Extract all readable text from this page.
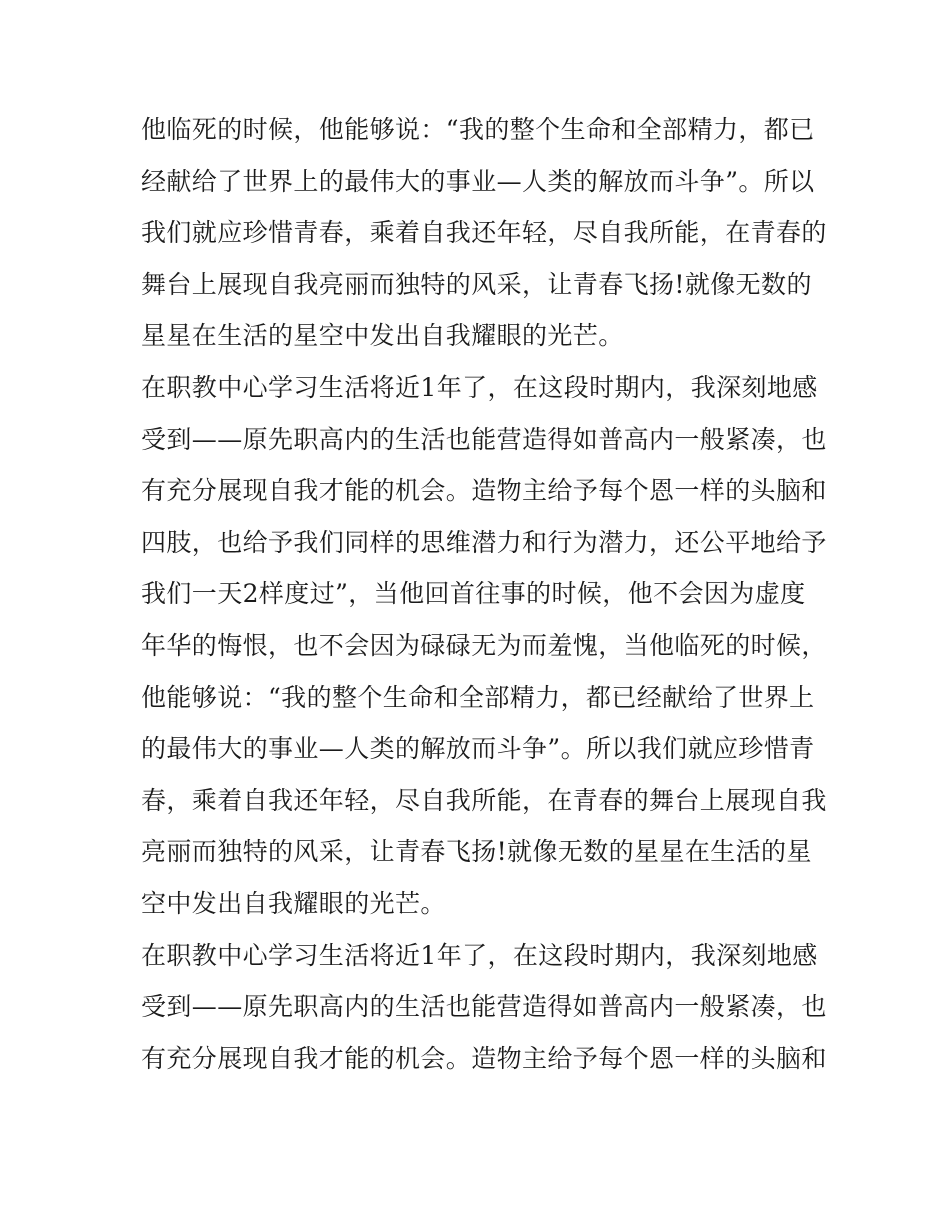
他临死的时候，他能够说：“我的整个生命和全部精力，都已
经献给了世界上的最伟大的事业—人类的解放而斗争”。所以
我们就应珍惜青春，乘着自我还年轻，尽自我所能，在青春的
舞台上展现自我亮丽而独特的风采，让青春飞扬!就像无数的
星星在生活的星空中发出自我耀眼的光芒。
在职教中心学习生活将近1年了，在这段时期内，我深刻地感
受到——原先职高内的生活也能营造得如普高内一般紧凑，也
有充分展现自我才能的机会。造物主给予每个恩一样的头脑和
四肢，也给予我们同样的思维潜力和行为潜力，还公平地给予
我们一天2样度过”，当他回首往事的时候，他不会因为虚度
年华的悔恨，也不会因为碌碌无为而羞愧，当他临死的时候，
他能够说：“我的整个生命和全部精力，都已经献给了世界上
的最伟大的事业—人类的解放而斗争”。所以我们就应珍惜青
春，乘着自我还年轻，尽自我所能，在青春的舞台上展现自我
亮丽而独特的风采，让青春飞扬!就像无数的星星在生活的星
空中发出自我耀眼的光芒。
在职教中心学习生活将近1年了，在这段时期内，我深刻地感
受到——原先职高内的生活也能营造得如普高内一般紧凑，也
有充分展现自我才能的机会。造物主给予每个恩一样的头脑和
